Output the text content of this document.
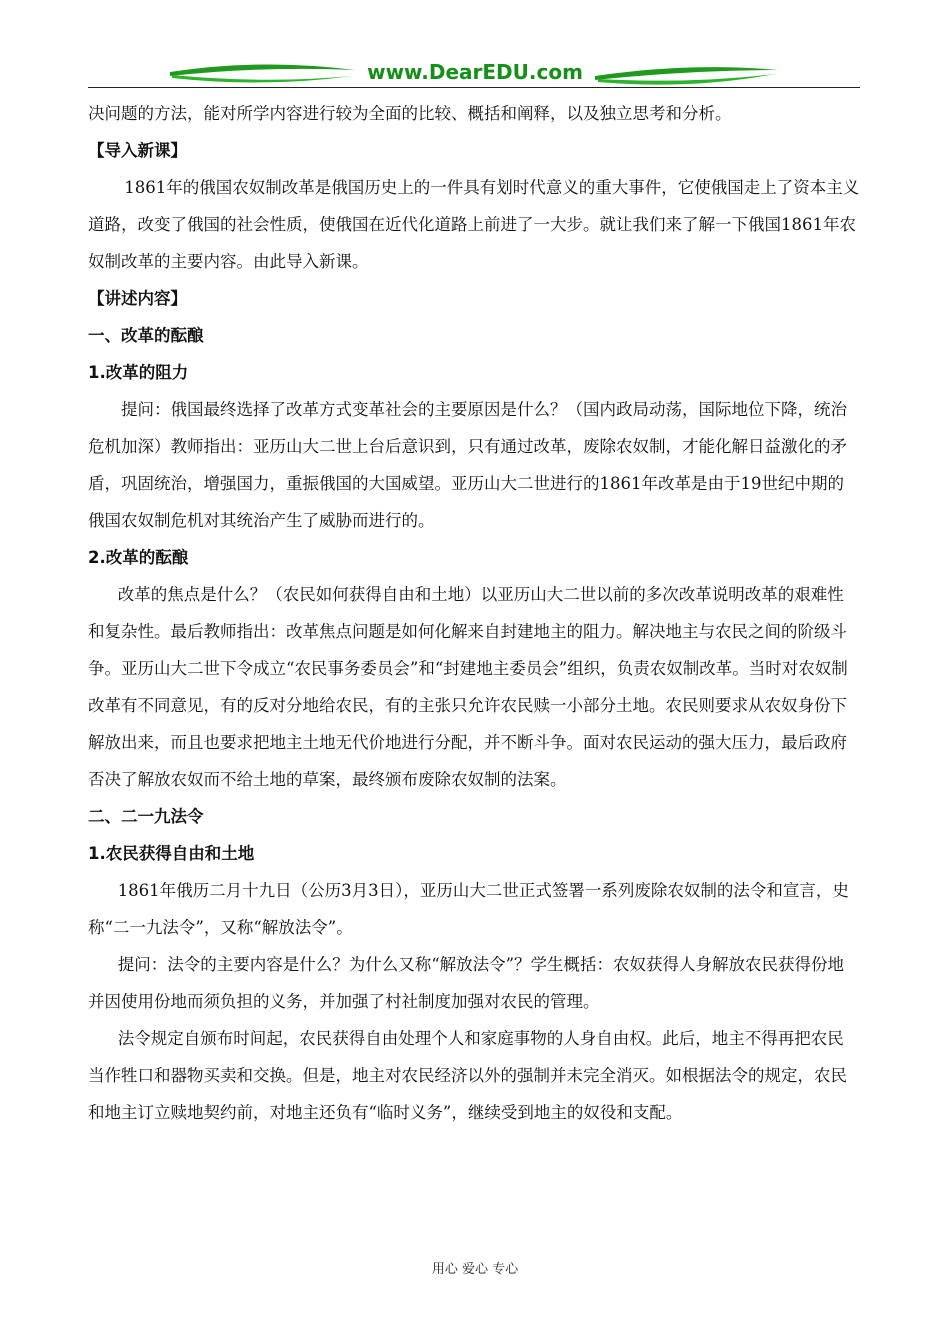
www.DearEDU.com

决问题的方法，能对所学内容进行较为全面的比较、概括和阐释，以及独立思考和分析。

【导入新课】

1861年的俄国农奴制改革是俄国历史上的一件具有划时代意义的重大事件，它使俄国走上了资本主义道路，改变了俄国的社会性质，使俄国在近代化道路上前进了一大步。就让我们来了解一下俄国1861年农奴制改革的主要内容。由此导入新课。

【讲述内容】

一、改革的酝酿

1.改革的阻力

提问：俄国最终选择了改革方式变革社会的主要原因是什么？（国内政局动荡，国际地位下降，统治危机加深）教师指出：亚历山大二世上台后意识到，只有通过改革，废除农奴制，才能化解日益激化的矛盾，巩固统治，增强国力，重振俄国的大国威望。亚历山大二世进行的1861年改革是由于19世纪中期的俄国农奴制危机对其统治产生了威胁而进行的。

2.改革的酝酿

改革的焦点是什么？（农民如何获得自由和土地）以亚历山大二世以前的多次改革说明改革的艰难性和复杂性。最后教师指出：改革焦点问题是如何化解来自封建地主的阻力。解决地主与农民之间的阶级斗争。亚历山大二世下令成立“农民事务委员会”和“封建地主委员会”组织，负责农奴制改革。当时对农奴制改革有不同意见，有的反对分地给农民，有的主张只允许农民赎一小部分土地。农民则要求从农奴身份下解放出来，而且也要求把地主土地无代价地进行分配，并不断斗争。面对农民运动的强大压力，最后政府否决了解放农奴而不给土地的草案，最终颁布废除农奴制的法案。

二、二一九法令

1.农民获得自由和土地

1861年俄历二月十九日（公历3月3日），亚历山大二世正式签署一系列废除农奴制的法令和宣言，史称“二一九法令”，又称“解放法令”。

提问：法令的主要内容是什么？为什么又称“解放法令”？学生概括：农奴获得人身解放农民获得份地并因使用份地而须负担的义务，并加强了村社制度加强对农民的管理。

法令规定自颁布时间起，农民获得自由处理个人和家庭事物的人身自由权。此后，地主不得再把农民当作牲口和器物买卖和交换。但是，地主对农民经济以外的强制并未完全消灭。如根据法令的规定，农民和地主订立赎地契约前，对地主还负有“临时义务”，继续受到地主的奴役和支配。

用心 爱心 专心
